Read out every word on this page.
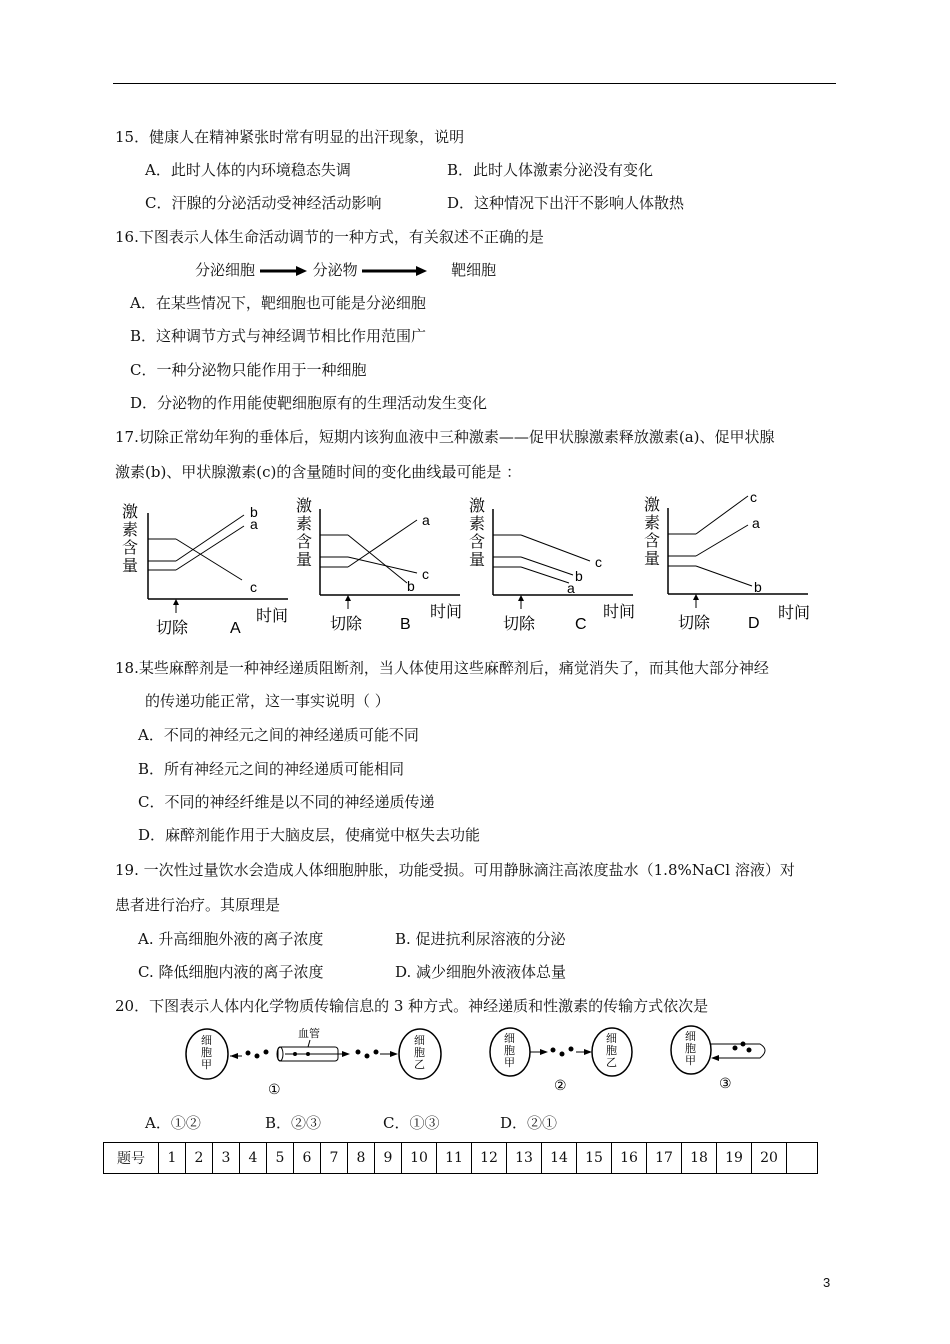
15．健康人在精神紧张时常有明显的出汗现象，说明
A．此时人体的内环境稳态失调	B．此时人体激素分泌没有变化
C．汗腺的分泌活动受神经活动影响	D．这种情况下出汗不影响人体散热
16.下图表示人体生命活动调节的一种方式，有关叙述不正确的是
分泌细胞	分泌物	靶细胞
A．在某些情况下，靶细胞也可能是分泌细胞
B．这种调节方式与神经调节相比作用范围广
C．一种分泌物只能作用于一种细胞
D．分泌物的作用能使靶细胞原有的生理活动发生变化
17.切除正常幼年狗的垂体后，短期内该狗血液中三种激素——促甲状腺激素释放激素(a)、促甲状腺
激素(b)、甲状腺激素(c)的含量随时间的变化曲线最可能是 ：
激素含量
b
a
c
切除	A
时间
激素含量
a
c
b
切除 B
时间
激素含量	c
b
a
切除 C
时间
激素含量
c
a
b
切除 D
时间
18.某些麻醉剂是一种神经递质阻断剂，当人体使用这些麻醉剂后，痛觉消失了，而其他大部分神经
的传递功能正常，这一事实说明（ ）
A．不同的神经元之间的神经递质可能不同
B．所有神经元之间的神经递质可能相同
C．不同的神经纤维是以不同的神经递质传递
D．麻醉剂能作用于大脑皮层，使痛觉中枢失去功能
19. 一次性过量饮水会造成人体细胞肿胀，功能受损。可用静脉滴注高浓度盐水（1.8%NaCl 溶液）对
患者进行治疗。其原理是
A. 升高细胞外液的离子浓度	B. 促进抗利尿溶液的分泌
C. 降低细胞内液的离子浓度	D. 减少细胞外液液体总量
20．下图表示人体内化学物质传输信息的 3 种方式。神经递质和性激素的传输方式依次是
细胞甲
血管
细胞乙
①
细胞甲
细胞乙
②
细胞甲
③
A．①②	B．②③	C．①③	D．②①
题号	1	2	3	4	5	6	7	8	9	10	11	12	13	14	15	16	17	18	19	20	
3
